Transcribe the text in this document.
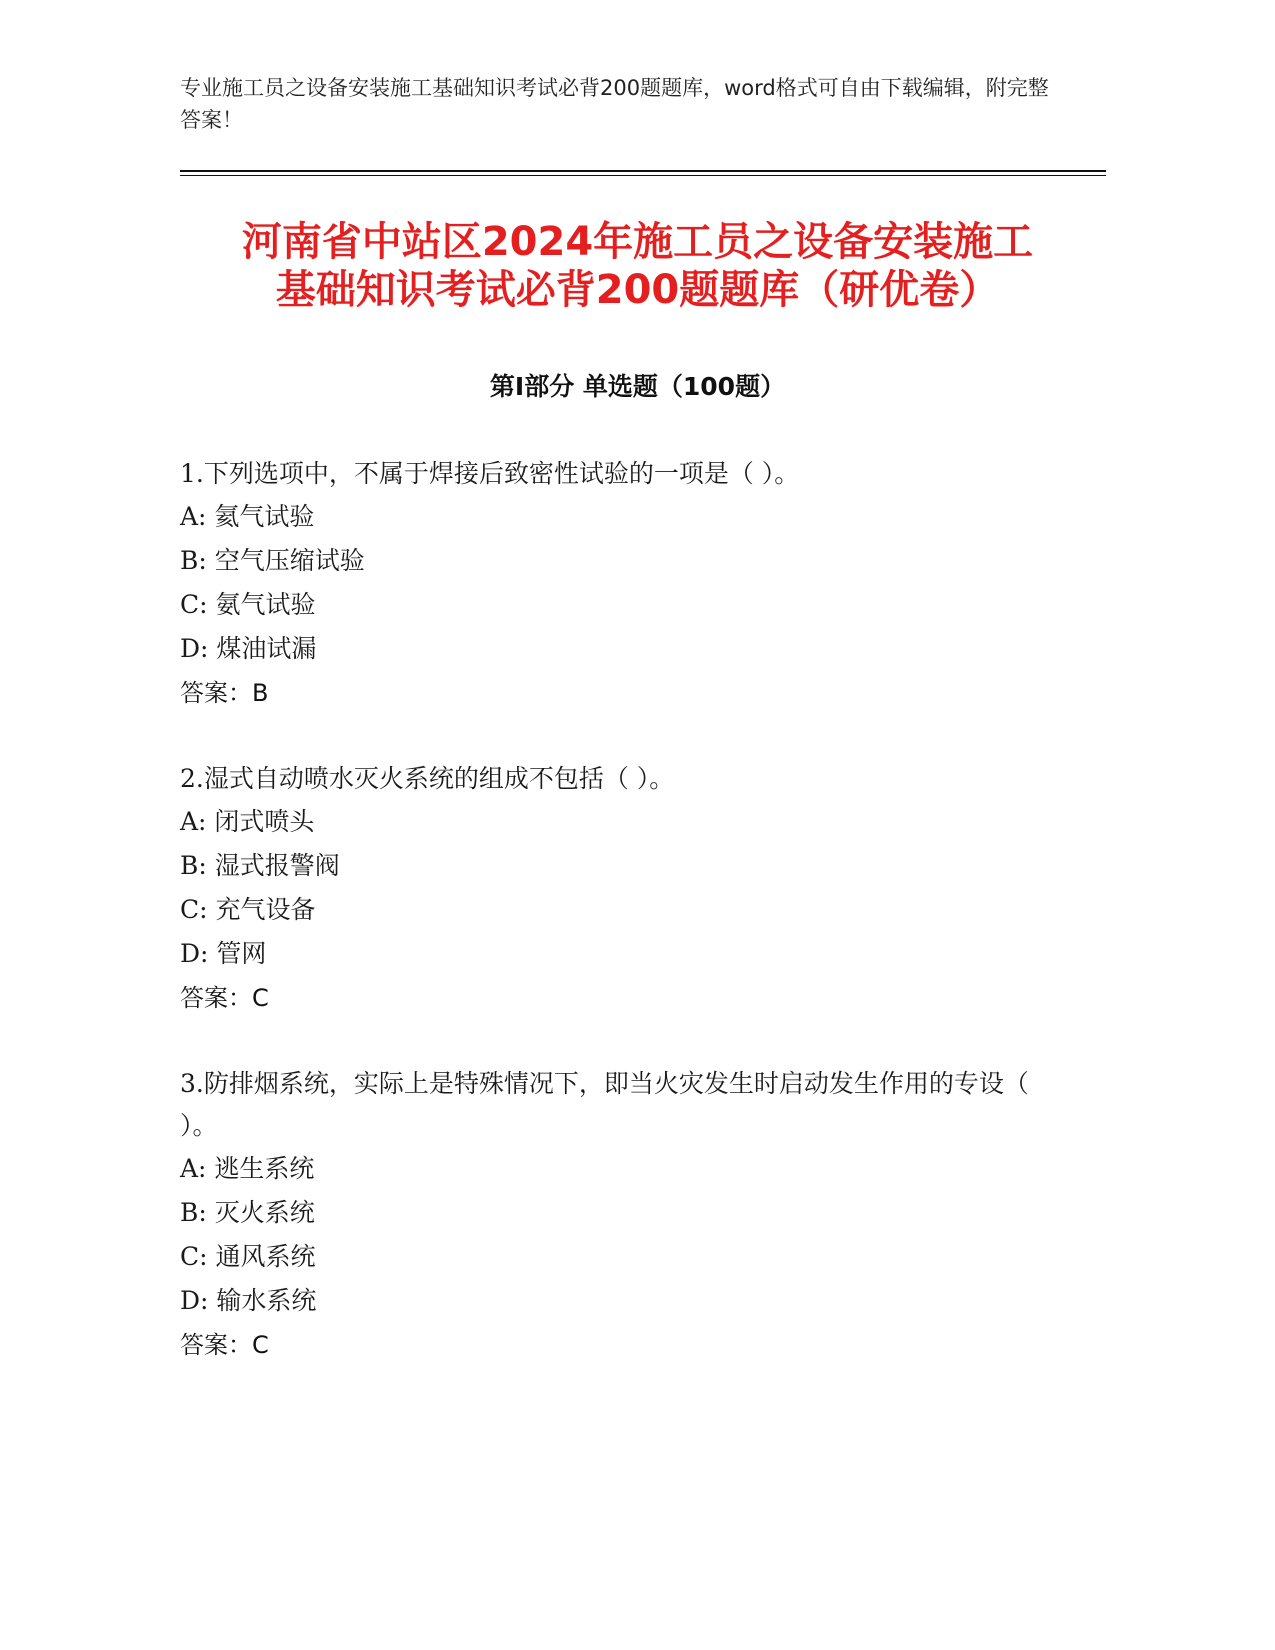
专业施工员之设备安装施工基础知识考试必背200题题库，word格式可自由下载编辑，附完整答案！
河南省中站区2024年施工员之设备安装施工
基础知识考试必背200题题库（研优卷）
第Ⅰ部分 单选题（100题）
1.下列选项中，不属于焊接后致密性试验的一项是（ ）。
A: 氦气试验
B: 空气压缩试验
C: 氨气试验
D: 煤油试漏
答案：B
2.湿式自动喷水灭火系统的组成不包括（ ）。
A: 闭式喷头
B: 湿式报警阀
C: 充气设备
D: 管网
答案：C
3.防排烟系统，实际上是特殊情况下，即当火灾发生时启动发生作用的专设（ ）。
A: 逃生系统
B: 灭火系统
C: 通风系统
D: 输水系统
答案：C
